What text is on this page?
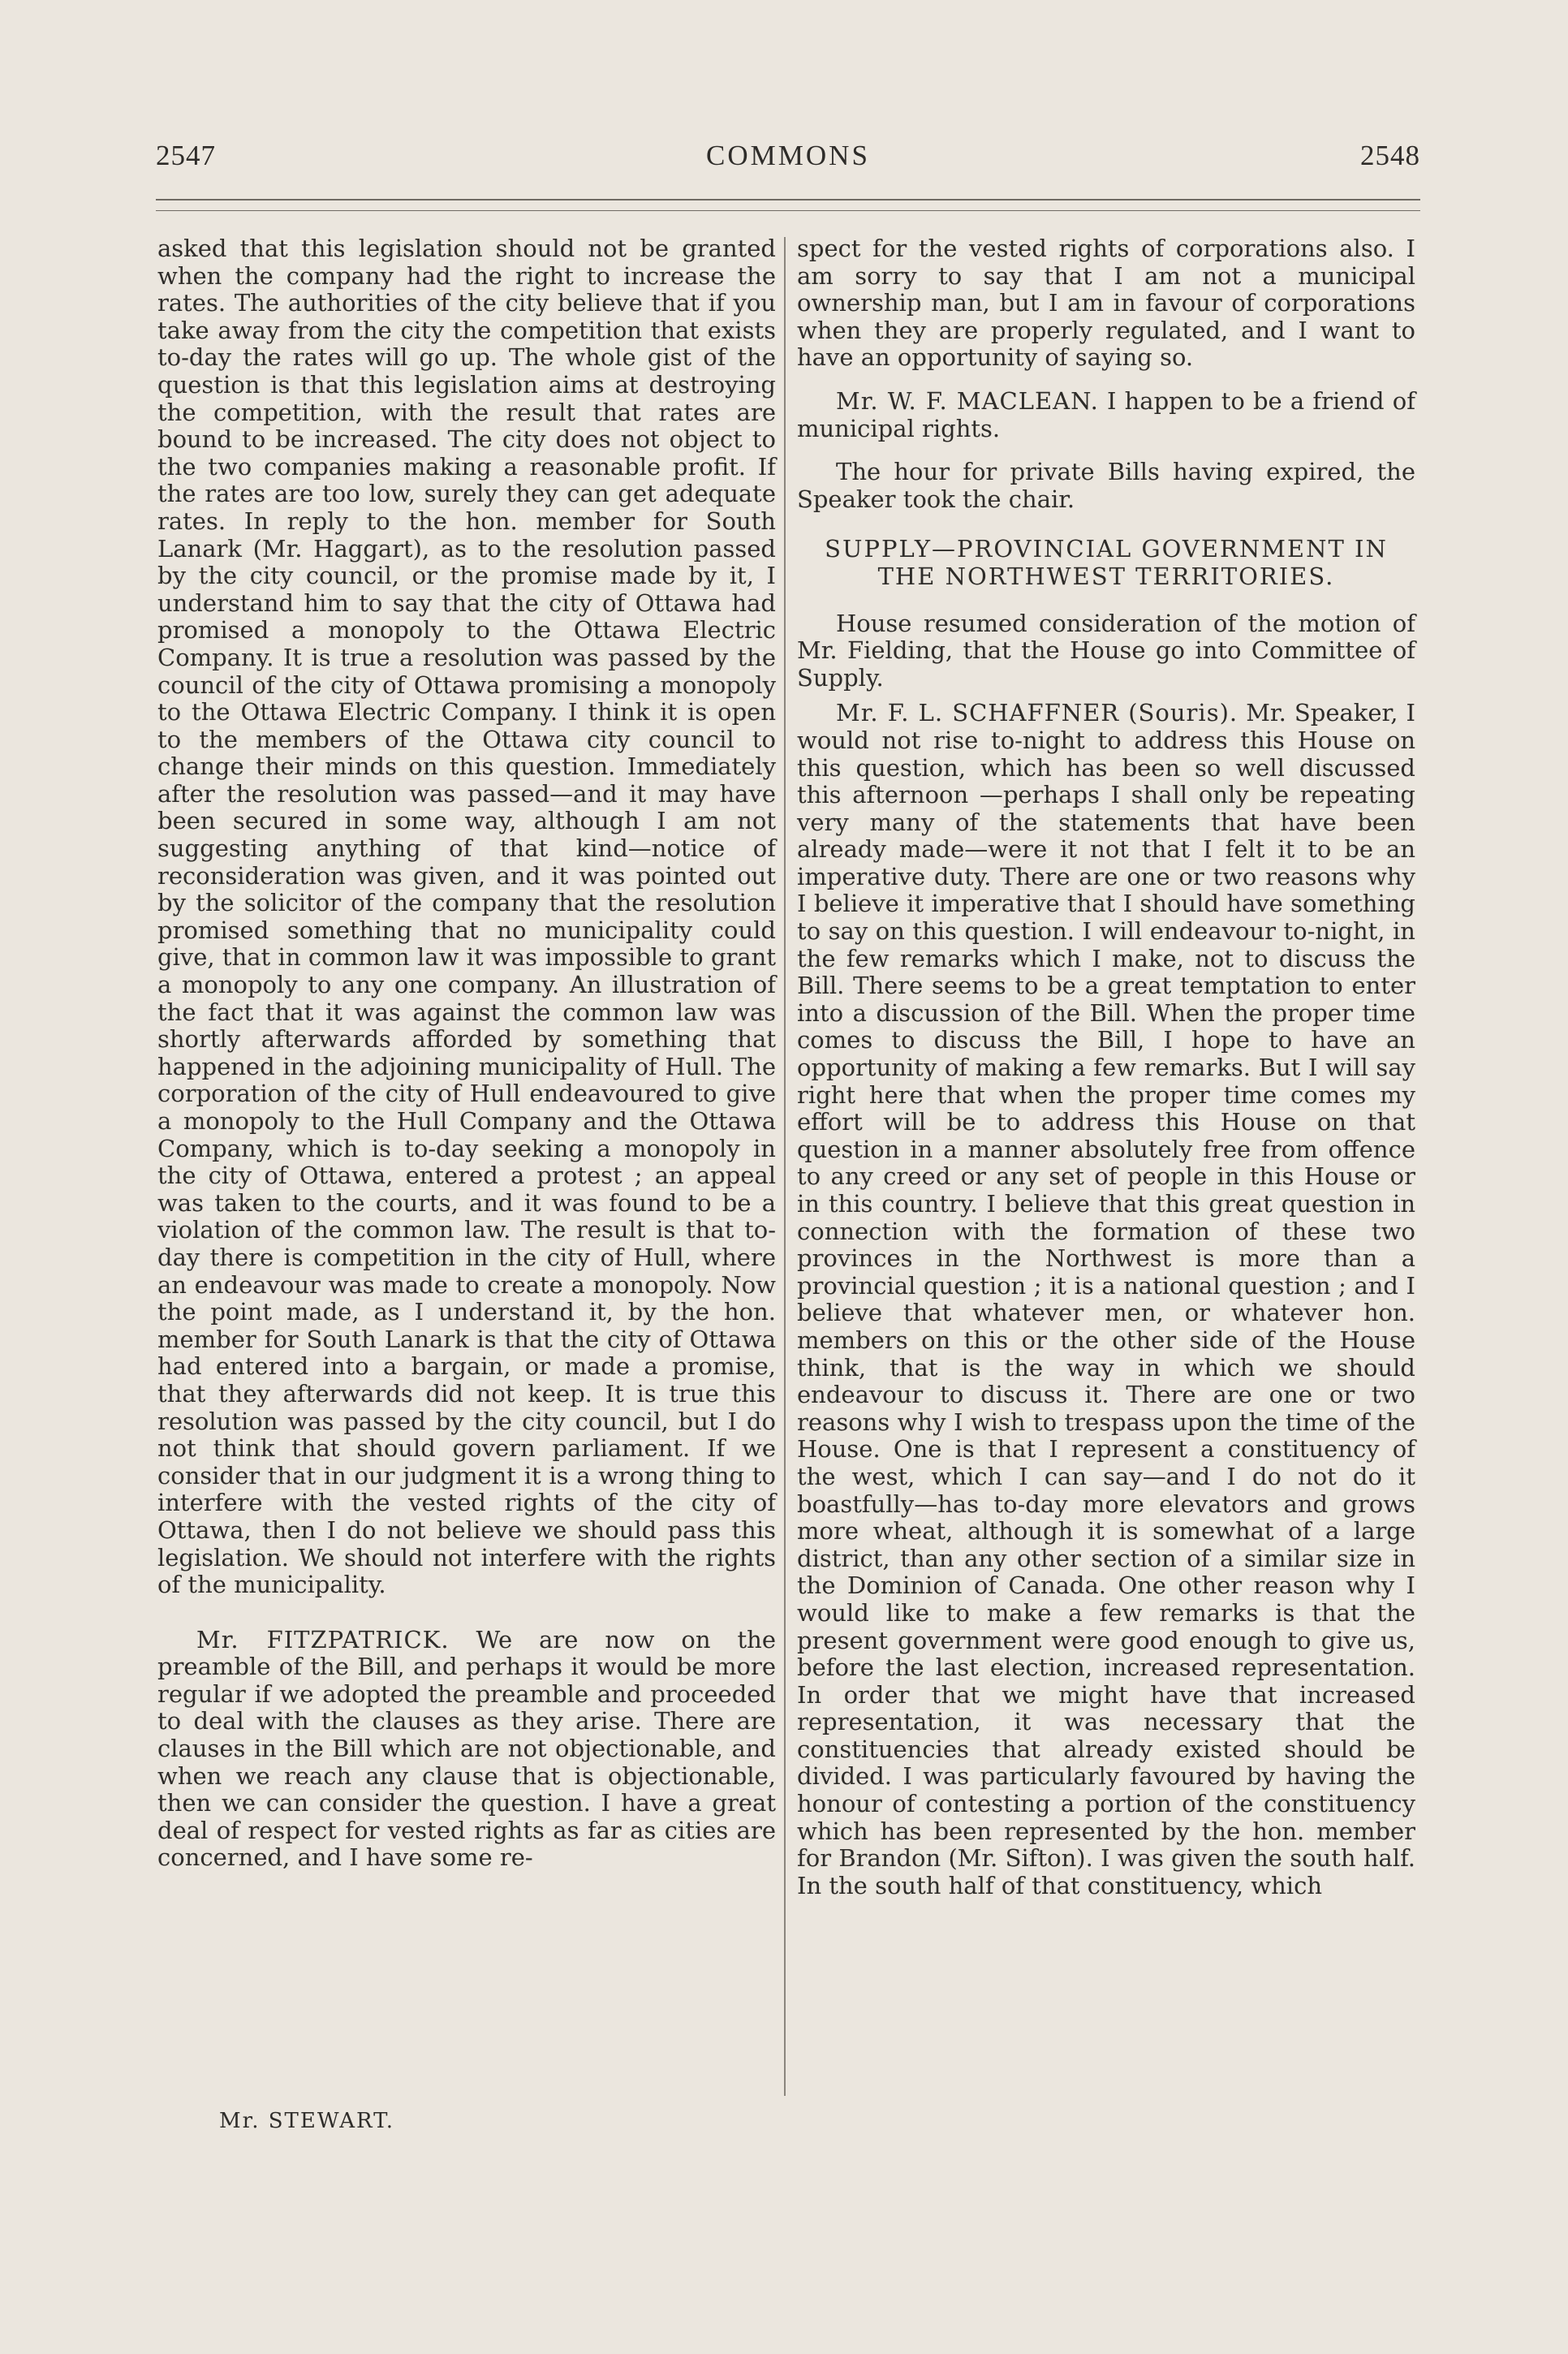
2547	COMMONS	2548

asked that this legislation should not be granted when the company had the right to increase the rates. The authorities of the city believe that if you take away from the city the competition that exists to-day the rates will go up. The whole gist of the question is that this legislation aims at destroying the competition, with the result that rates are bound to be increased. The city does not object to the two companies making a reasonable profit. If the rates are too low, surely they can get adequate rates. In reply to the hon. member for South Lanark (Mr. Haggart), as to the resolution passed by the city council, or the promise made by it, I understand him to say that the city of Ottawa had promised a monopoly to the Ottawa Electric Company. It is true a resolution was passed by the council of the city of Ottawa promising a monopoly to the Ottawa Electric Company. I think it is open to the members of the Ottawa city council to change their minds on this question. Immediately after the resolution was passed—and it may have been secured in some way, although I am not suggesting anything of that kind—notice of reconsideration was given, and it was pointed out by the solicitor of the company that the resolution promised something that no municipality could give, that in common law it was impossible to grant a monopoly to any one company. An illustration of the fact that it was against the common law was shortly afterwards afforded by something that happened in the adjoining municipality of Hull. The corporation of the city of Hull endeavoured to give a monopoly to the Hull Company and the Ottawa Company, which is to-day seeking a monopoly in the city of Ottawa, entered a protest ; an appeal was taken to the courts, and it was found to be a violation of the common law. The result is that to-day there is competition in the city of Hull, where an endeavour was made to create a monopoly. Now the point made, as I understand it, by the hon. member for South Lanark is that the city of Ottawa had entered into a bargain, or made a promise, that they afterwards did not keep. It is true this resolution was passed by the city council, but I do not think that should govern parliament. If we consider that in our judgment it is a wrong thing to interfere with the vested rights of the city of Ottawa, then I do not believe we should pass this legislation. We should not interfere with the rights of the municipality.

Mr. FITZPATRICK. We are now on the preamble of the Bill, and perhaps it would be more regular if we adopted the preamble and proceeded to deal with the clauses as they arise. There are clauses in the Bill which are not objectionable, and when we reach any clause that is objectionable, then we can consider the question. I have a great deal of respect for vested rights as far as cities are concerned, and I have some re-

Mr. STEWART.

spect for the vested rights of corporations also. I am sorry to say that I am not a municipal ownership man, but I am in favour of corporations when they are properly regulated, and I want to have an opportunity of saying so.

Mr. W. F. MACLEAN. I happen to be a friend of municipal rights.

The hour for private Bills having expired, the Speaker took the chair.

SUPPLY—PROVINCIAL GOVERNMENT IN THE NORTHWEST TERRITORIES.

House resumed consideration of the motion of Mr. Fielding, that the House go into Committee of Supply.

Mr. F. L. SCHAFFNER (Souris). Mr. Speaker, I would not rise to-night to address this House on this question, which has been so well discussed this afternoon —perhaps I shall only be repeating very many of the statements that have been already made—were it not that I felt it to be an imperative duty. There are one or two reasons why I believe it imperative that I should have something to say on this question. I will endeavour to-night, in the few remarks which I make, not to discuss the Bill. There seems to be a great temptation to enter into a discussion of the Bill. When the proper time comes to discuss the Bill, I hope to have an opportunity of making a few remarks. But I will say right here that when the proper time comes my effort will be to address this House on that question in a manner absolutely free from offence to any creed or any set of people in this House or in this country. I believe that this great question in connection with the formation of these two provinces in the Northwest is more than a provincial question ; it is a national question ; and I believe that whatever men, or whatever hon. members on this or the other side of the House think, that is the way in which we should endeavour to discuss it. There are one or two reasons why I wish to trespass upon the time of the House. One is that I represent a constituency of the west, which I can say—and I do not do it boastfully—has to-day more elevators and grows more wheat, although it is somewhat of a large district, than any other section of a similar size in the Dominion of Canada. One other reason why I would like to make a few remarks is that the present government were good enough to give us, before the last election, increased representation. In order that we might have that increased representation, it was necessary that the constituencies that already existed should be divided. I was particularly favoured by having the honour of contesting a portion of the constituency which has been represented by the hon. member for Brandon (Mr. Sifton). I was given the south half. In the south half of that constituency, which
